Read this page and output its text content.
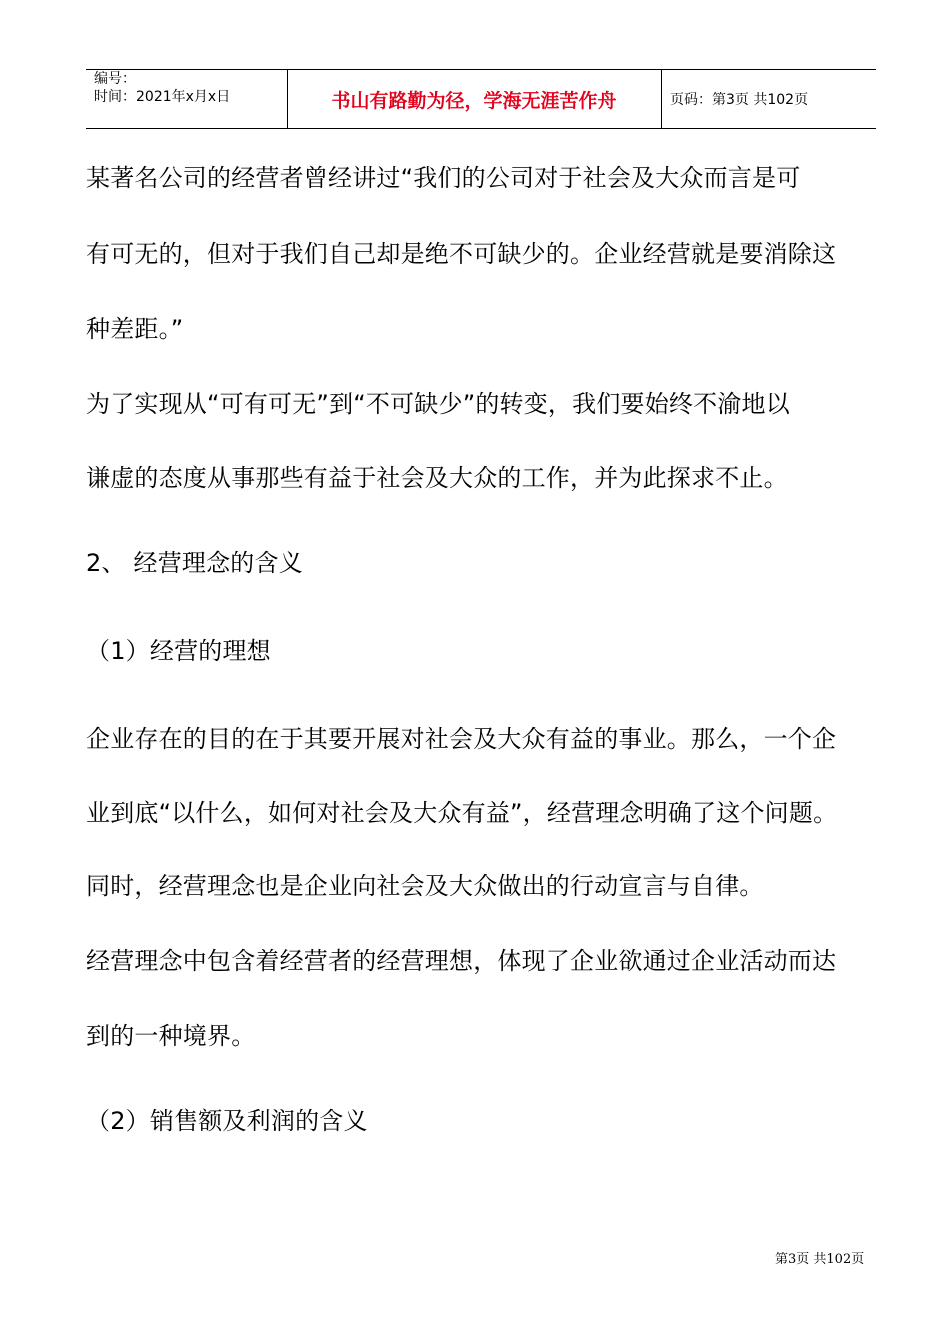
编号：
时间：2021年x月x日	书山有路勤为径，学海无涯苦作舟	页码：第3页 共102页
某著名公司的经营者曾经讲过“我们的公司对于社会及大众而言是可
有可无的，但对于我们自己却是绝不可缺少的。企业经营就是要消除这
种差距。”
为了实现从“可有可无”到“不可缺少”的转变，我们要始终不渝地以
谦虚的态度从事那些有益于社会及大众的工作，并为此探求不止。
2、 经营理念的含义
（1）经营的理想
企业存在的目的在于其要开展对社会及大众有益的事业。那么，一个企
业到底“以什么，如何对社会及大众有益”，经营理念明确了这个问题。
同时，经营理念也是企业向社会及大众做出的行动宣言与自律。
经营理念中包含着经营者的经营理想，体现了企业欲通过企业活动而达
到的一种境界。
（2）销售额及利润的含义
第3页 共102页
